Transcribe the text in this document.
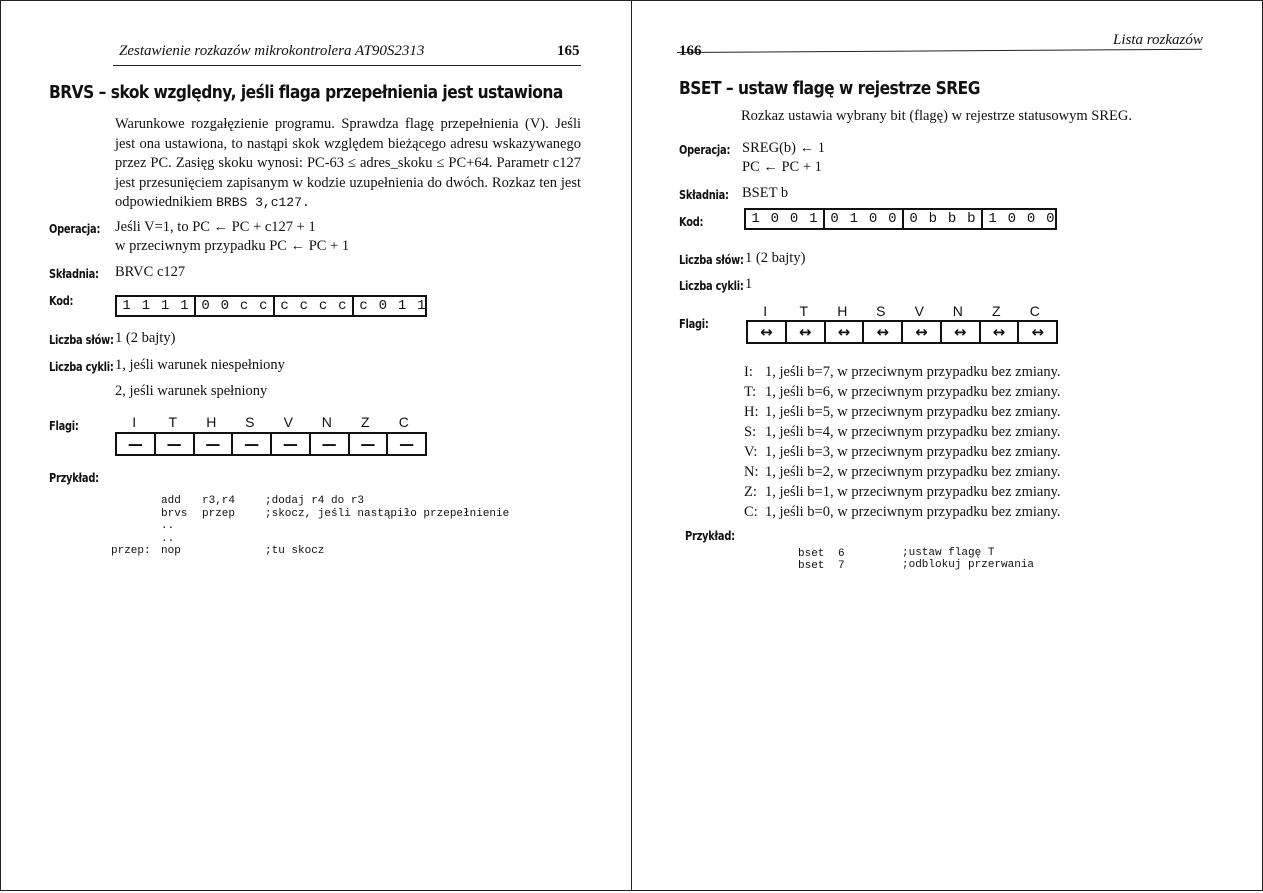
Zestawienie rozkazów mikrokontrolera AT90S2313	165
BRVS – skok względny, jeśli flaga przepełnienia jest ustawiona
Warunkowe rozgałęzienie programu. Sprawdza flagę przepełnienia (V). Jeśli jest ona ustawiona, to nastąpi skok względem bieżącego adresu wskazywanego przez PC. Zasięg skoku wynosi: PC-63 ≤ adres_skoku ≤ PC+64. Parametr c127 jest przesunięciem zapisanym w kodzie uzupełnienia do dwóch. Rozkaz ten jest odpowiednikiem BRBS 3,c127.
Operacja: Jeśli V=1, to PC ← PC + c127 + 1
w przeciwnym przypadku PC ← PC + 1
Składnia: BRVC c127
Kod:	1 1 1 1 0 0 c c c c c c c 0 1 1
Liczba słów: 1 (2 bajty)
Liczba cykli: 1, jeśli warunek niespełniony
2, jeśli warunek spełniony
Flagi:	I	T	H	S	V	N	Z	C
—	—	—	—	—	—	—	—
Przykład:
add r3,r4	;dodaj r4 do r3
brvs przep	;skocz, jeśli nastąpiło przepełnienie
..
..
przep: nop	;tu skocz
166
Lista rozkazów
BSET – ustaw flagę w rejestrze SREG
Rozkaz ustawia wybrany bit (flagę) w rejestrze statusowym SREG.
Operacja: SREG(b) ← 1
PC ← PC + 1
Składnia: BSET b
Kod:	1 0 0 1 0 1 0 0 0 b b b 1 0 0 0
Liczba słów: 1 (2 bajty)
Liczba cykli: 1
Flagi:
I	T	H	S	V	N	Z	C
↔	↔	↔	↔	↔	↔	↔	↔
I: 1, jeśli b=7, w przeciwnym przypadku bez zmiany.
T: 1, jeśli b=6, w przeciwnym przypadku bez zmiany.
H: 1, jeśli b=5, w przeciwnym przypadku bez zmiany.
S: 1, jeśli b=4, w przeciwnym przypadku bez zmiany.
V: 1, jeśli b=3, w przeciwnym przypadku bez zmiany.
N: 1, jeśli b=2, w przeciwnym przypadku bez zmiany.
Z: 1, jeśli b=1, w przeciwnym przypadku bez zmiany.
C: 1, jeśli b=0, w przeciwnym przypadku bez zmiany.
Przykład:
bset 6	;ustaw flagę T
bset 7	;odblokuj przerwania
